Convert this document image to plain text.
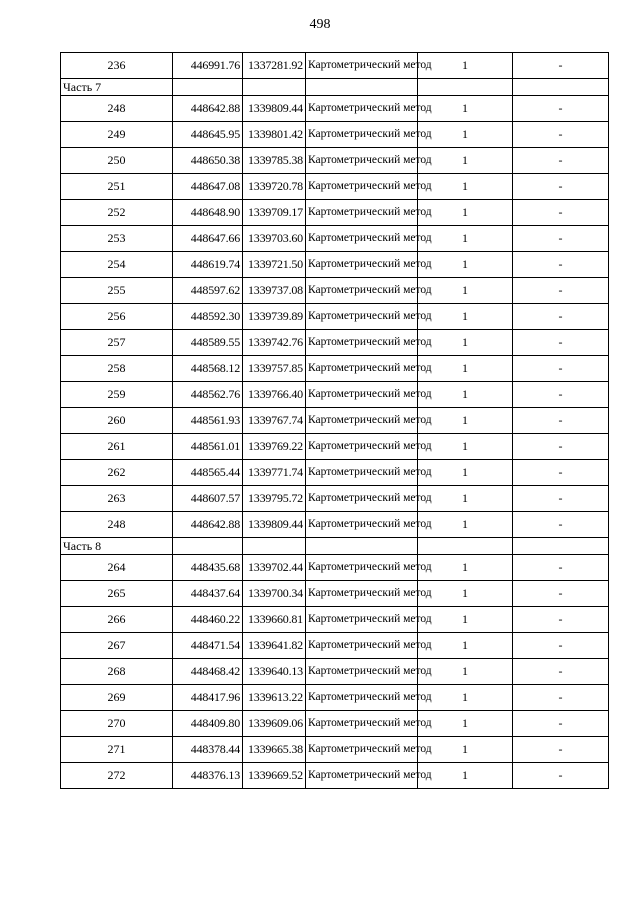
498
236	446991.76	1337281.92	Картометрический метод	1	-
Часть 7					
248	448642.88	1339809.44	Картометрический метод	1	-
249	448645.95	1339801.42	Картометрический метод	1	-
250	448650.38	1339785.38	Картометрический метод	1	-
251	448647.08	1339720.78	Картометрический метод	1	-
252	448648.90	1339709.17	Картометрический метод	1	-
253	448647.66	1339703.60	Картометрический метод	1	-
254	448619.74	1339721.50	Картометрический метод	1	-
255	448597.62	1339737.08	Картометрический метод	1	-
256	448592.30	1339739.89	Картометрический метод	1	-
257	448589.55	1339742.76	Картометрический метод	1	-
258	448568.12	1339757.85	Картометрический метод	1	-
259	448562.76	1339766.40	Картометрический метод	1	-
260	448561.93	1339767.74	Картометрический метод	1	-
261	448561.01	1339769.22	Картометрический метод	1	-
262	448565.44	1339771.74	Картометрический метод	1	-
263	448607.57	1339795.72	Картометрический метод	1	-
248	448642.88	1339809.44	Картометрический метод	1	-
Часть 8					
264	448435.68	1339702.44	Картометрический метод	1	-
265	448437.64	1339700.34	Картометрический метод	1	-
266	448460.22	1339660.81	Картометрический метод	1	-
267	448471.54	1339641.82	Картометрический метод	1	-
268	448468.42	1339640.13	Картометрический метод	1	-
269	448417.96	1339613.22	Картометрический метод	1	-
270	448409.80	1339609.06	Картометрический метод	1	-
271	448378.44	1339665.38	Картометрический метод	1	-
272	448376.13	1339669.52	Картометрический метод	1	-
